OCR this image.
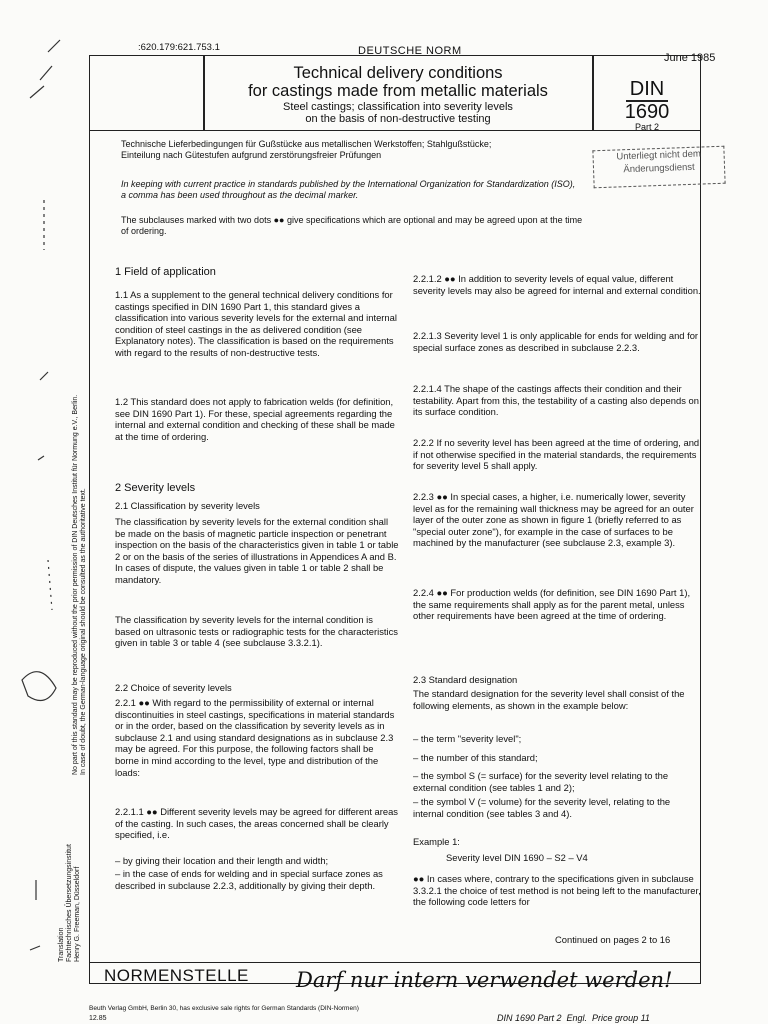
:620.179:621.753.1	DEUTSCHE NORM
June 1985
Technical delivery conditions
for castings made from metallic materials
Steel castings; classification into severity levels
on the basis of non-destructive testing
DIN
1690
Part 2
Technische Lieferbedingungen für Gußstücke aus metallischen Werkstoffen; Stahlgußstücke;
Einteilung nach Gütestufen aufgrund zerstörungsfreier Prüfungen	Unterliegt nicht dem
Änderungsdienst
In keeping with current practice in standards published by the International Organization for Standardization (ISO),
a comma has been used throughout as the decimal marker.
The subclauses marked with two dots ●● give specifications which are optional and may be agreed upon at the time
of ordering.
1 Field of application
1.1 As a supplement to the general technical delivery conditions for castings specified in DIN 1690 Part 1, this standard gives a classification into various severity levels for the external and internal condition of steel castings in the as delivered condition (see Explanatory notes). The classification is based on the requirements with regard to the results of non-destructive tests.
1.2 This standard does not apply to fabrication welds (for definition, see DIN 1690 Part 1). For these, special agreements regarding the internal and external condition and checking of these shall be made at the time of ordering.
2 Severity levels
2.1 Classification by severity levels
The classification by severity levels for the external condition shall be made on the basis of magnetic particle inspection or penetrant inspection on the basis of the characteristics given in table 1 or table 2 or on the basis of the series of illustrations in Appendices A and B. In cases of dispute, the values given in table 1 or table 2 shall be mandatory.
The classification by severity levels for the internal condition is based on ultrasonic tests or radiographic tests for the characteristics given in table 3 or table 4 (see subclause 3.3.2.1).
2.2 Choice of severity levels
2.2.1 ●● With regard to the permissibility of external or internal discontinuities in steel castings, specifications in material standards or in the order, based on the classification by severity levels as in subclause 2.1 and using standard designations as in subclause 2.3 may be agreed. For this purpose, the following factors shall be borne in mind according to the level, type and distribution of the loads:
2.2.1.1 ●● Different severity levels may be agreed for different areas of the casting. In such cases, the areas concerned shall be clearly specified, i.e.
– by giving their location and their length and width;
– in the case of ends for welding and in special surface zones as described in subclause 2.2.3, additionally by giving their depth.
2.2.1.2 ●● In addition to severity levels of equal value, different severity levels may also be agreed for internal and external condition.
2.2.1.3 Severity level 1 is only applicable for ends for welding and for special surface zones as described in subclause 2.2.3.
2.2.1.4 The shape of the castings affects their condition and their testability. Apart from this, the testability of a casting also depends on its surface condition.
2.2.2 If no severity level has been agreed at the time of ordering, and if not otherwise specified in the material standards, the requirements for severity level 5 shall apply.
2.2.3 ●● In special cases, a higher, i.e. numerically lower, severity level as for the remaining wall thickness may be agreed for an outer layer of the outer zone as shown in figure 1 (briefly referred to as "special outer zone"), for example in the case of surfaces to be machined by the manufacturer (see subclause 2.3, example 3).
2.2.4 ●● For production welds (for definition, see DIN 1690 Part 1), the same requirements shall apply as for the parent metal, unless other requirements have been agreed at the time of ordering.
2.3 Standard designation
The standard designation for the severity level shall consist of the following elements, as shown in the example below:
– the term "severity level";
– the number of this standard;
– the symbol S (= surface) for the severity level relating to the external condition (see tables 1 and 2);
– the symbol V (= volume) for the severity level, relating to the internal condition (see tables 3 and 4).
Example 1:
Severity level DIN 1690 – S2 – V4
●● In cases where, contrary to the specifications given in subclause 3.3.2.1 the choice of test method is not being left to the manufacturer, the following code letters for
Continued on pages 2 to 16
NORMENSTELLE Darf nur intern verwendet werden!
Beuth Verlag GmbH, Berlin 30, has exclusive sale rights for German Standards (DIN-Normen)
12.85	DIN 1690 Part 2  Engl.  Price group 11
No part of this standard may be reproduced without the prior permission of DIN Deutsches Institut für Normung e.V., Berlin. In case of doubt, the German-language original should be consulted as the authoritative text.
Translation Fachtechnisches Übersetzungsinstitut Henry G. Freeman, Düsseldorf
